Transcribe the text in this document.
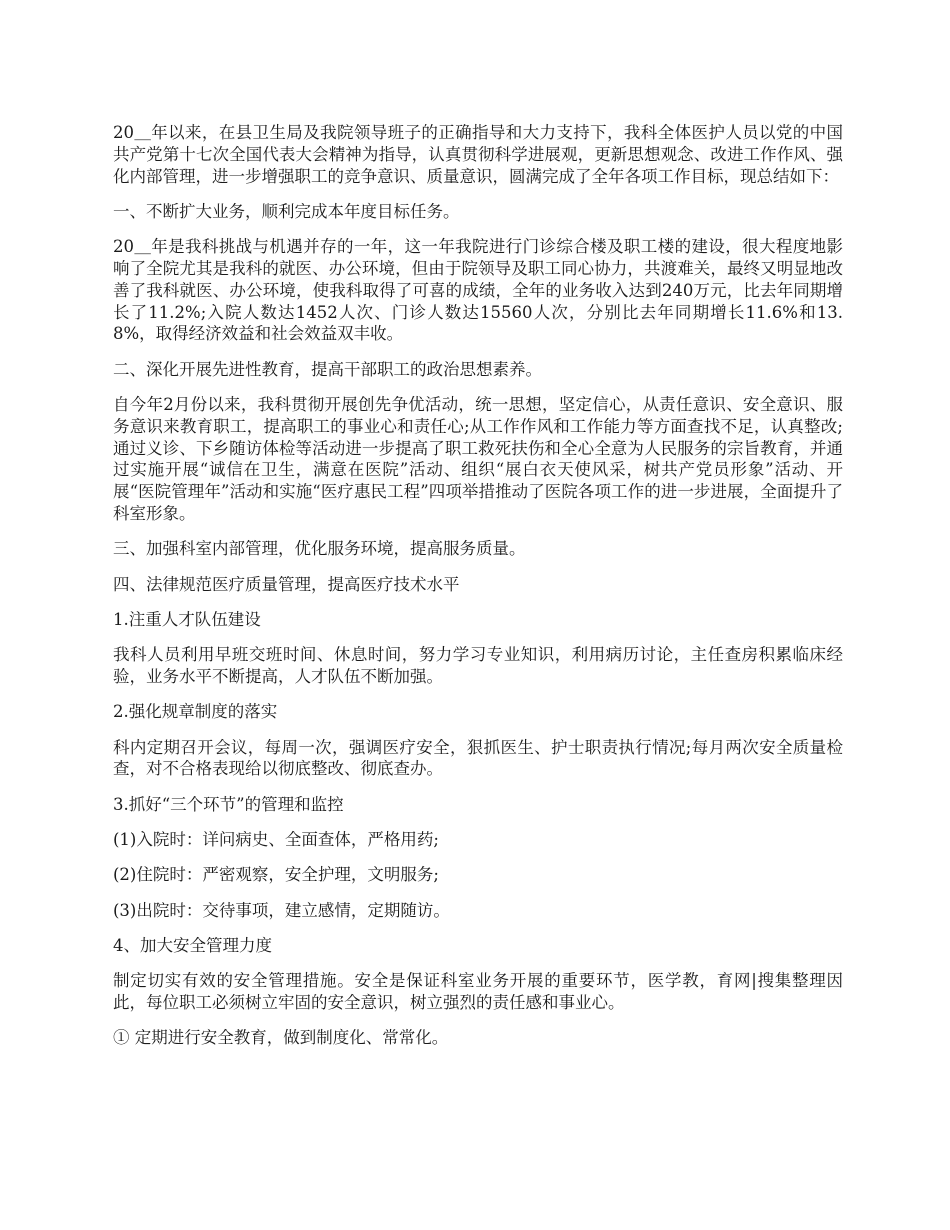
20＿年以来，在县卫生局及我院领导班子的正确指导和大力支持下，我科全体医护人员以党的中国共产党第十七次全国代表大会精神为指导，认真贯彻科学进展观，更新思想观念、改进工作作风、强化内部管理，进一步增强职工的竞争意识、质量意识，圆满完成了全年各项工作目标，现总结如下：

一、不断扩大业务，顺利完成本年度目标任务。

20＿年是我科挑战与机遇并存的一年，这一年我院进行门诊综合楼及职工楼的建设，很大程度地影响了全院尤其是我科的就医、办公环境，但由于院领导及职工同心协力，共渡难关，最终又明显地改善了我科就医、办公环境，使我科取得了可喜的成绩，全年的业务收入达到240万元，比去年同期增长了11.2%;入院人数达1452人次、门诊人数达15560人次，分别比去年同期增长11.6%和13.8%，取得经济效益和社会效益双丰收。

二、深化开展先进性教育，提高干部职工的政治思想素养。

自今年2月份以来，我科贯彻开展创先争优活动，统一思想，坚定信心，从责任意识、安全意识、服务意识来教育职工，提高职工的事业心和责任心;从工作作风和工作能力等方面查找不足，认真整改;通过义诊、下乡随访体检等活动进一步提高了职工救死扶伤和全心全意为人民服务的宗旨教育，并通过实施开展“诚信在卫生，满意在医院”活动、组织“展白衣天使风采，树共产党员形象”活动、开展“医院管理年”活动和实施“医疗惠民工程”四项举措推动了医院各项工作的进一步进展，全面提升了科室形象。

三、加强科室内部管理，优化服务环境，提高服务质量。

四、法律规范医疗质量管理，提高医疗技术水平

1.注重人才队伍建设

我科人员利用早班交班时间、休息时间，努力学习专业知识，利用病历讨论，主任查房积累临床经验，业务水平不断提高，人才队伍不断加强。

2.强化规章制度的落实

科内定期召开会议，每周一次，强调医疗安全，狠抓医生、护士职责执行情况;每月两次安全质量检查，对不合格表现给以彻底整改、彻底查办。

3.抓好“三个环节”的管理和监控

(1)入院时：详问病史、全面查体，严格用药;

(2)住院时：严密观察，安全护理，文明服务;

(3)出院时：交待事项，建立感情，定期随访。

4、加大安全管理力度

制定切实有效的安全管理措施。安全是保证科室业务开展的重要环节，医学教，育网|搜集整理因此，每位职工必须树立牢固的安全意识，树立强烈的责任感和事业心。

① 定期进行安全教育，做到制度化、常常化。
